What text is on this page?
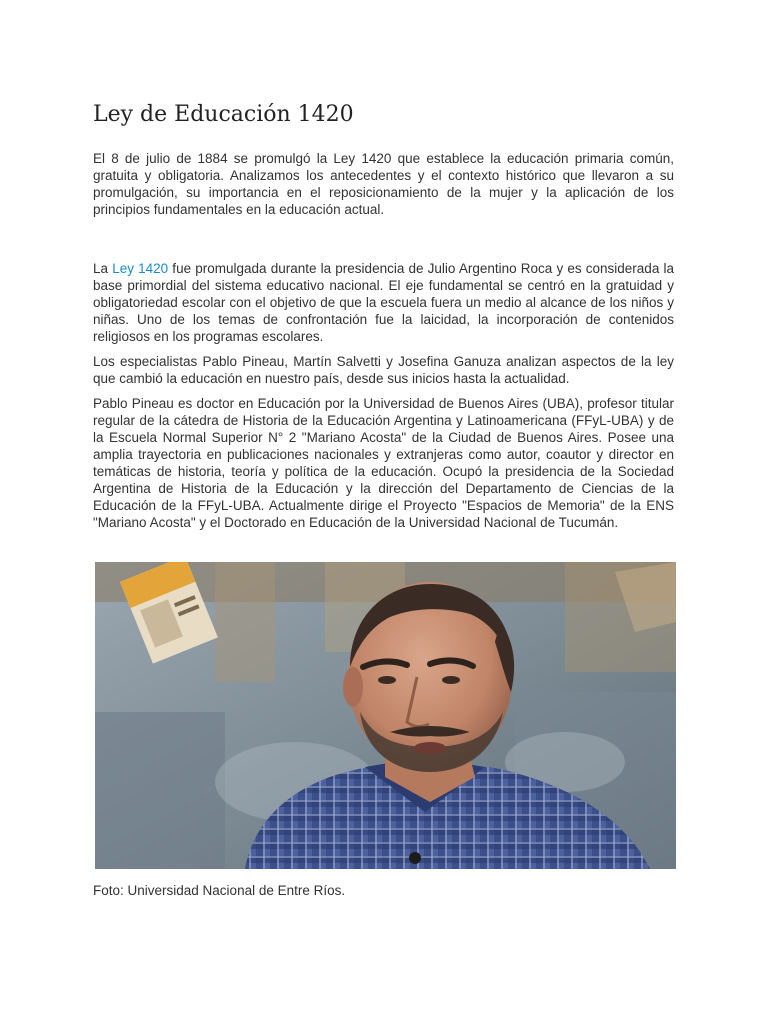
Ley de Educación 1420

El 8 de julio de 1884 se promulgó la Ley 1420 que establece la educación primaria común, gratuita y obligatoria. Analizamos los antecedentes y el contexto histórico que llevaron a su promulgación, su importancia en el reposicionamiento de la mujer y la aplicación de los principios fundamentales en la educación actual.

La Ley 1420 fue promulgada durante la presidencia de Julio Argentino Roca y es considerada la base primordial del sistema educativo nacional. El eje fundamental se centró en la gratuidad y obligatoriedad escolar con el objetivo de que la escuela fuera un medio al alcance de los niños y niñas. Uno de los temas de confrontación fue la laicidad, la incorporación de contenidos religiosos en los programas escolares.

Los especialistas Pablo Pineau, Martín Salvetti y Josefina Ganuza analizan aspectos de la ley que cambió la educación en nuestro país, desde sus inicios hasta la actualidad.

Pablo Pineau es doctor en Educación por la Universidad de Buenos Aires (UBA), profesor titular regular de la cátedra de Historia de la Educación Argentina y Latinoamericana (FFyL-UBA) y de la Escuela Normal Superior N° 2 "Mariano Acosta" de la Ciudad de Buenos Aires. Posee una amplia trayectoria en publicaciones nacionales y extranjeras como autor, coautor y director en temáticas de historia, teoría y política de la educación. Ocupó la presidencia de la Sociedad Argentina de Historia de la Educación y la dirección del Departamento de Ciencias de la Educación de la FFyL-UBA. Actualmente dirige el Proyecto "Espacios de Memoria" de la ENS "Mariano Acosta" y el Doctorado en Educación de la Universidad Nacional de Tucumán.

Foto: Universidad Nacional de Entre Ríos.
